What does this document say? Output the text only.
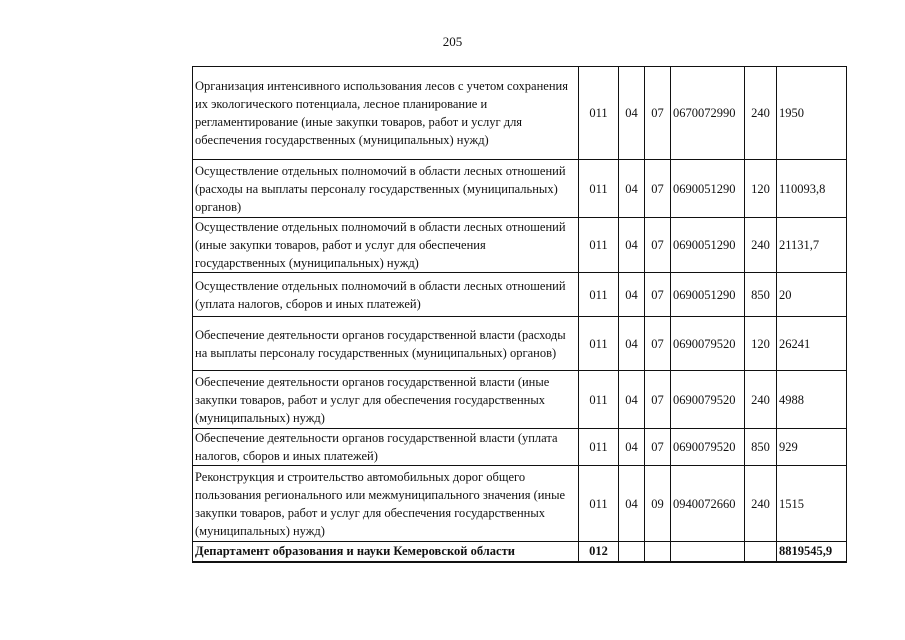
205
Организация интенсивного использования лесов с учетом сохранения их экологического потенциала, лесное планирование и регламентирование (иные закупки товаров, работ и услуг для обеспечения государственных (муниципальных) нужд)	011	04	07	0670072990	240	1950
Осуществление отдельных полномочий в области лесных отношений (расходы на выплаты персоналу государственных (муниципальных) органов)	011	04	07	0690051290	120	110093,8
Осуществление отдельных полномочий в области лесных отношений (иные закупки товаров, работ и услуг для обеспечения государственных (муниципальных) нужд)	011	04	07	0690051290	240	21131,7
Осуществление отдельных полномочий в области лесных отношений (уплата налогов, сборов и иных платежей)	011	04	07	0690051290	850	20
Обеспечение деятельности органов государственной власти (расходы на выплаты персоналу государственных (муниципальных) органов)	011	04	07	0690079520	120	26241
Обеспечение деятельности органов государственной власти (иные закупки товаров, работ и услуг для обеспечения государственных (муниципальных) нужд)	011	04	07	0690079520	240	4988
Обеспечение деятельности органов государственной власти (уплата налогов, сборов и иных платежей)	011	04	07	0690079520	850	929
Реконструкция и строительство автомобильных дорог общего пользования регионального или межмуниципального значения (иные закупки товаров, работ и услуг для обеспечения государственных (муниципальных) нужд)	011	04	09	0940072660	240	1515
Департамент образования и науки Кемеровской области	012					8819545,9
